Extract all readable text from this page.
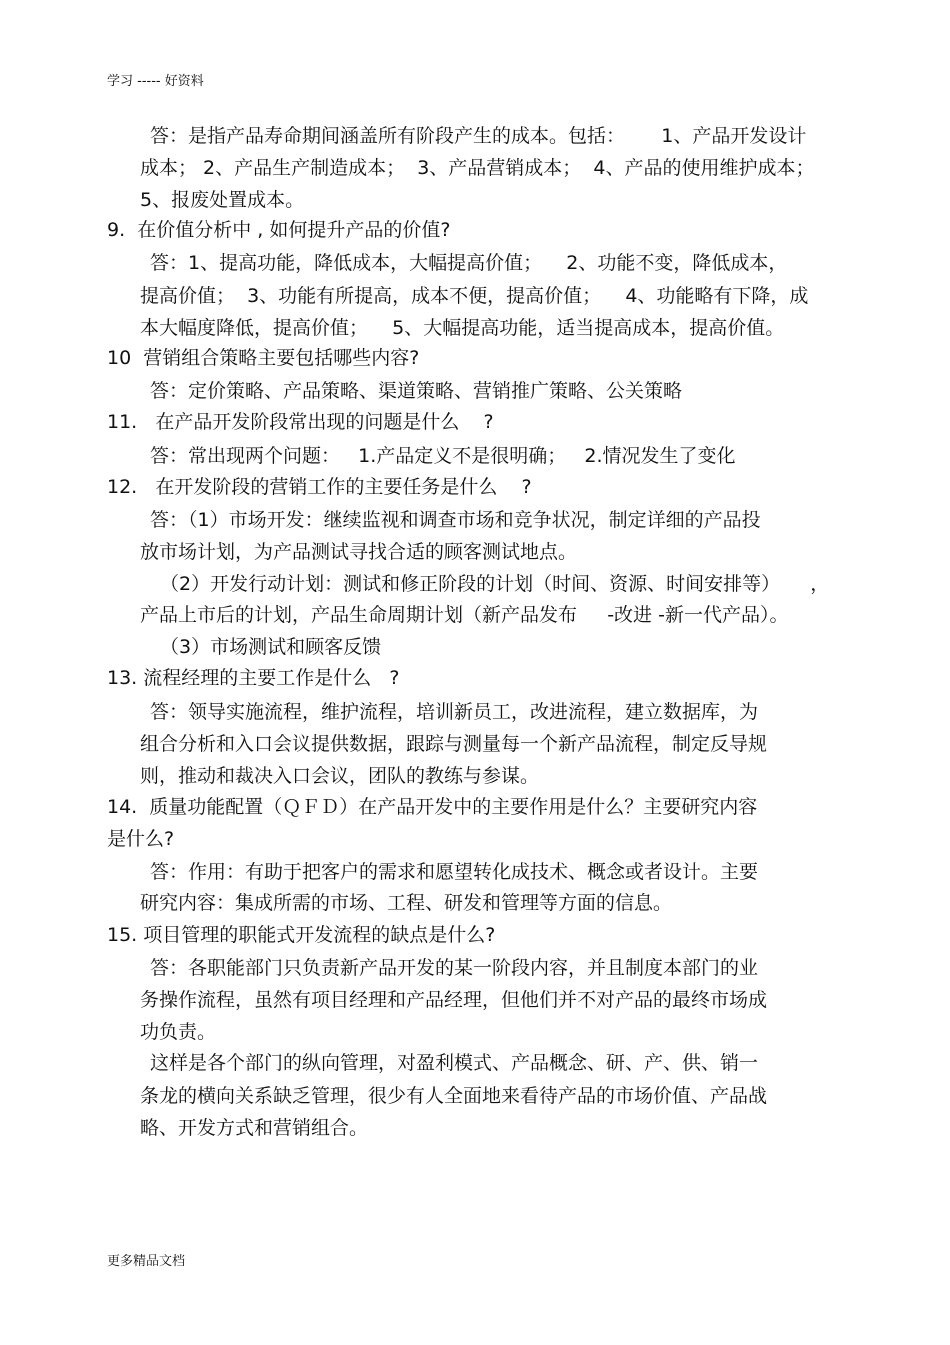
学习 ----- 好资料
答：是指产品寿命期间涵盖所有阶段产生的成本。包括：      1、产品开发设计
成本； 2、产品生产制造成本；  3、产品营销成本；  4、产品的使用维护成本；
5、报废处置成本。
9.  在价值分析中 , 如何提升产品的价值?
答：1、提高功能，降低成本，大幅提高价值；    2、功能不变，降低成本，
提高价值；  3、功能有所提高，成本不便，提高价值；    4、功能略有下降，成
本大幅度降低，提高价值；    5、大幅提高功能，适当提高成本，提高价值。
10  营销组合策略主要包括哪些内容?
答：定价策略、产品策略、渠道策略、营销推广策略、公关策略
11.   在产品开发阶段常出现的问题是什么    ?
答：常出现两个问题：   1.产品定义不是很明确；   2.情况发生了变化
12.   在开发阶段的营销工作的主要任务是什么    ?
答：（1）市场开发：继续监视和调查市场和竞争状况，制定详细的产品投
放市场计划，为产品测试寻找合适的顾客测试地点。
（2）开发行动计划：测试和修正阶段的计划（时间、资源、时间安排等）     ，
产品上市后的计划，产品生命周期计划（新产品发布     -改进 -新一代产品）。
（3）市场测试和顾客反馈
13. 流程经理的主要工作是什么   ?
答：领导实施流程，维护流程，培训新员工，改进流程，建立数据库，为
组合分析和入口会议提供数据，跟踪与测量每一个新产品流程，制定反导规
则，推动和裁决入口会议，团队的教练与参谋。
14.  质量功能配置（ＱＦＤ）在产品开发中的主要作用是什么？主要研究内容
是什么?
答：作用：有助于把客户的需求和愿望转化成技术、概念或者设计。主要
研究内容：集成所需的市场、工程、研发和管理等方面的信息。
15. 项目管理的职能式开发流程的缺点是什么?
答：各职能部门只负责新产品开发的某一阶段内容，并且制度本部门的业
务操作流程，虽然有项目经理和产品经理，但他们并不对产品的最终市场成
功负责。
这样是各个部门的纵向管理，对盈利模式、产品概念、研、产、供、销一
条龙的横向关系缺乏管理，很少有人全面地来看待产品的市场价值、产品战
略、开发方式和营销组合。
更多精品文档
